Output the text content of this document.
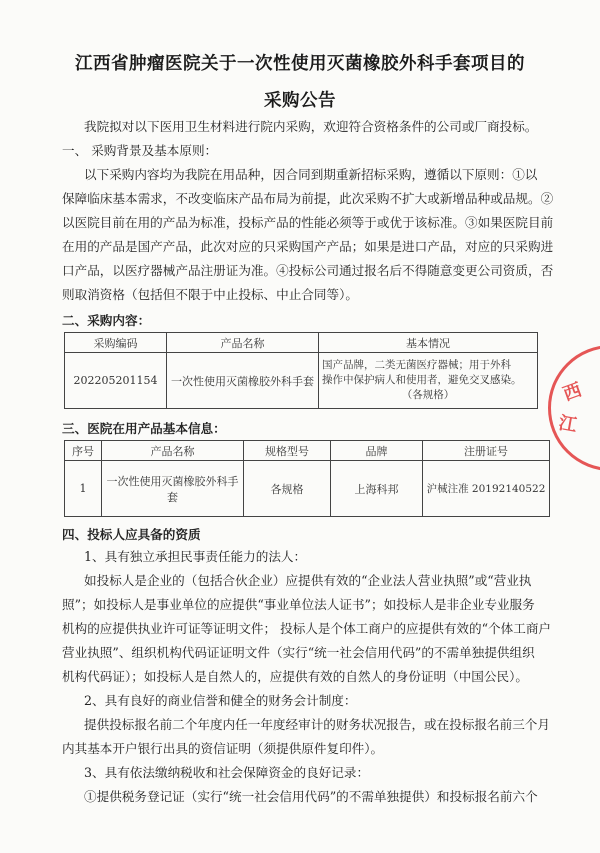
江西省肿瘤医院关于一次性使用灭菌橡胶外科手套项目的
采购公告
我院拟对以下医用卫生材料进行院内采购，欢迎符合资格条件的公司或厂商投标。
一、 采购背景及基本原则：
以下采购内容均为我院在用品种，因合同到期重新招标采购，遵循以下原则：①以
保障临床基本需求，不改变临床产品布局为前提，此次采购不扩大或新增品种或品规。②
以医院目前在用的产品为标准，投标产品的性能必须等于或优于该标准。③如果医院目前
在用的产品是国产产品，此次对应的只采购国产产品；如果是进口产品，对应的只采购进
口产品，以医疗器械产品注册证为准。④投标公司通过报名后不得随意变更公司资质，否
则取消资格（包括但不限于中止投标、中止合同等）。
二、采购内容：
采购编码	产品名称	基本情况
202205201154	一次性使用灭菌橡胶外科手套	国产品牌，二类无菌医疗器械；用于外科
操作中保护病人和使用者，避免交叉感染。
（各规格）
三、医院在用产品基本信息：
序号	产品名称	规格型号	品牌	注册证号
1	一次性使用灭菌橡胶外科手套	各规格	上海科邦	沪械注准 20192140522
四、投标人应具备的资质
1、具有独立承担民事责任能力的法人：
如投标人是企业的（包括合伙企业）应提供有效的“企业法人营业执照”或“营业执
照”；如投标人是事业单位的应提供“事业单位法人证书”；如投标人是非企业专业服务
机构的应提供执业许可证等证明文件； 投标人是个体工商户的应提供有效的“个体工商户
营业执照”、组织机构代码证证明文件（实行“统一社会信用代码”的不需单独提供组织
机构代码证）；如投标人是自然人的，应提供有效的自然人的身份证明（中国公民）。
2、具有良好的商业信誉和健全的财务会计制度：
提供投标报名前二个年度内任一年度经审计的财务状况报告，或在投标报名前三个月
内其基本开户银行出具的资信证明（须提供原件复印件）。
3、具有依法缴纳税收和社会保障资金的良好记录：
①提供税务登记证（实行“统一社会信用代码”的不需单独提供）和投标报名前六个
西
江
